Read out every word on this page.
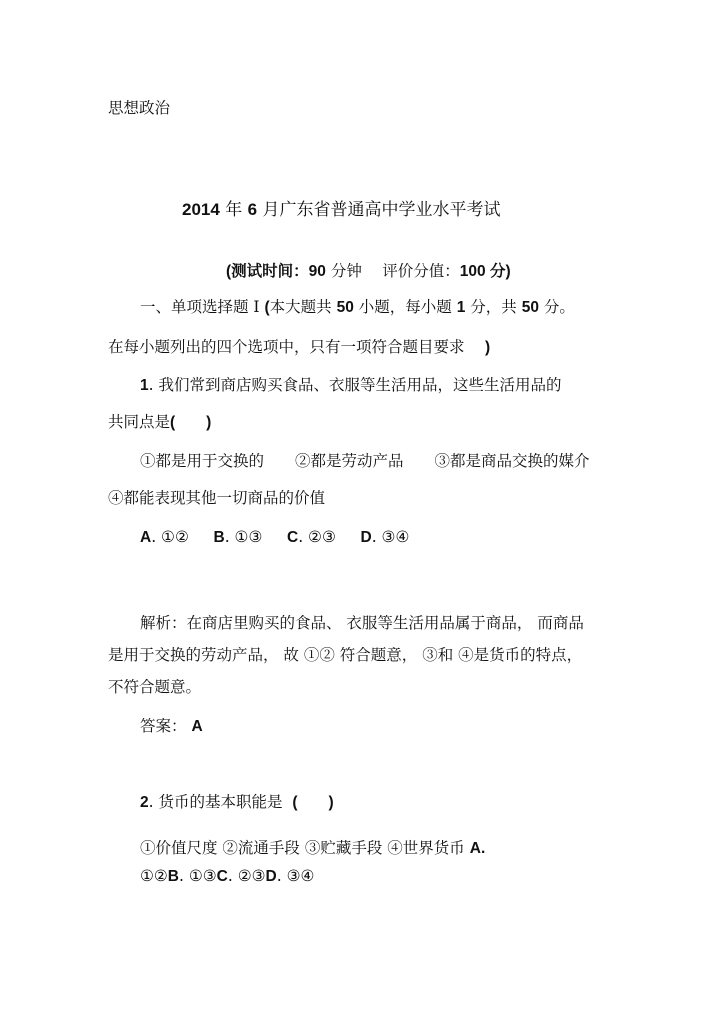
思想政治
2014 年 6 月广东省普通高中学业水平考试
(测试时间：90 分钟　 评价分值：100 分)
一、单项选择题 Ⅰ (本大题共 50 小题，每小题 1 分，共 50 分。
在每小题列出的四个选项中，只有一项符合题目要求　 )
1. 我们常到商店购买食品、衣服等生活用品，这些生活用品的
共同点是(　　)
①都是用于交换的　　②都是劳动产品　　③都是商品交换的媒介
④都能表现其他一切商品的价值
A. ①② B. ①③ C. ②③ D. ③④
解析：在商店里购买的食品、 衣服等生活用品属于商品， 而商品
是用于交换的劳动产品， 故 ①② 符合题意， ③和 ④是货币的特点，
不符合题意。
答案： A
2. 货币的基本职能是 (　　)
①价值尺度 ②流通手段 ③贮藏手段 ④世界货币 A.
①②B. ①③C. ②③D. ③④
